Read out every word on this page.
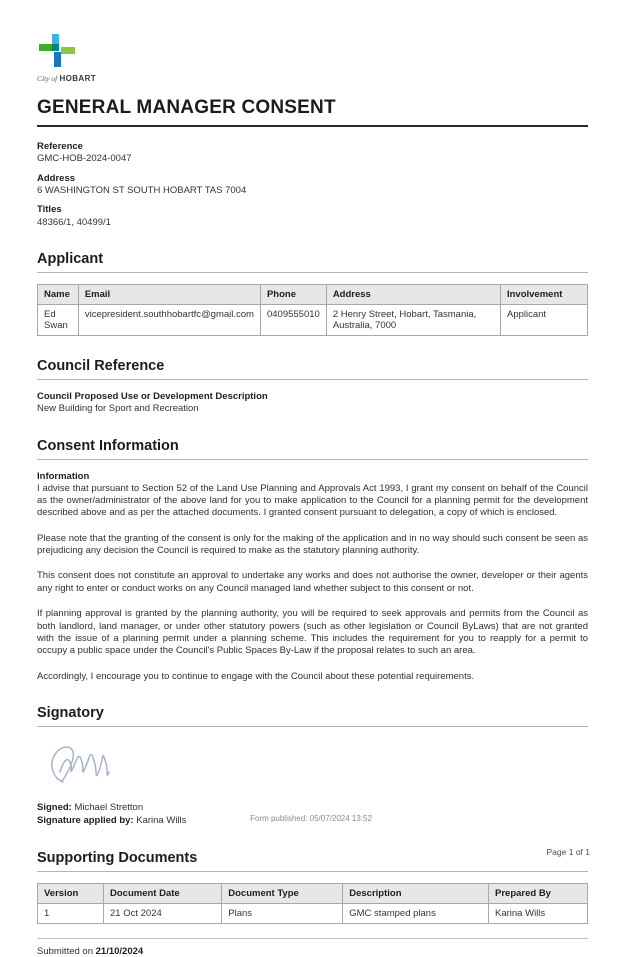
City of HOBART
GENERAL MANAGER CONSENT
Reference
GMC-HOB-2024-0047
Address
6 WASHINGTON ST SOUTH HOBART TAS 7004
Titles
48366/1, 40499/1
Applicant
Name	Email	Phone	Address	Involvement
Ed Swan	vicepresident.southhobartfc@gmail.com	0409555010	2 Henry Street, Hobart, Tasmania, Australia, 7000	Applicant
Council Reference
Council Proposed Use or Development Description
New Building for Sport and Recreation
Consent Information
Information

I advise that pursuant to Section 52 of the Land Use Planning and Approvals Act 1993, I grant my consent on behalf of the Council as the owner/administrator of the above land for you to make application to the Council for a planning permit for the development described above and as per the attached documents. I granted consent pursuant to delegation, a copy of which is enclosed.

Please note that the granting of the consent is only for the making of the application and in no way should such consent be seen as prejudicing any decision the Council is required to make as the statutory planning authority.

This consent does not constitute an approval to undertake any works and does not authorise the owner, developer or their agents any right to enter or conduct works on any Council managed land whether subject to this consent or not.

If planning approval is granted by the planning authority, you will be required to seek approvals and permits from the Council as both landlord, land manager, or under other statutory powers (such as other legislation or Council ByLaws) that are not granted with the issue of a planning permit under a planning scheme. This includes the requirement for you to reapply for a permit to occupy a public space under the Council's Public Spaces By-Law if the proposal relates to such an area.

Accordingly, I encourage you to continue to engage with the Council about these potential requirements.

Signatory
Signed: Michael Stretton
Signature applied by: Karina Wills
Supporting Documents
Version	Document Date	Document Type	Description	Prepared By
1	21 Oct 2024	Plans	GMC stamped plans	Karina Wills
Submitted on 21/10/2024
Form published: 05/07/2024 13:52
Page 1 of 1
